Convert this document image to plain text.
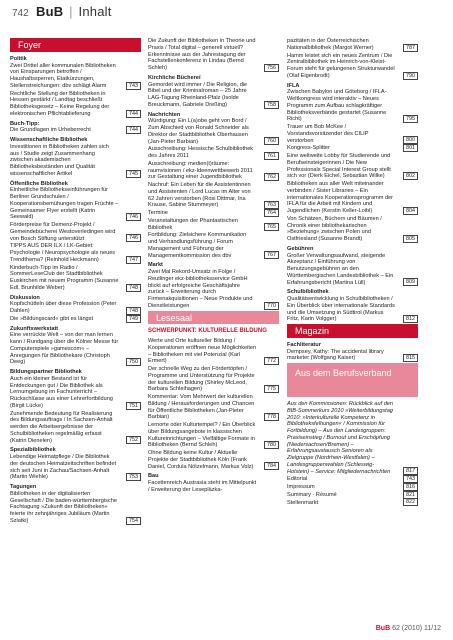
742 BuB | Inhalt
Foyer
Politik
Zwei Drittel aller kommunalen Bibliotheken von Einsparungen betroffen / Haushaltssperren, Etatkürzungen, Stellenstreichungen: dbv schlägt Alarm	743
Rechtliche Stellung der Bibliotheken in Hessen gestärkt / Landtag beschließt Bibliotheksgesetz – Keine Regelung der elektronischen Pflichtablieferung	744
Buch-Tipp:
Die Grundlagen im Urheberrecht	744
Wissenschaftliche Bibliothek
Investitionen in Bibliotheken zahlen sich aus / Studie zeigt Zusammenhang zwischen akademischen Bibliotheksbeständen und Qualität wissenschaftlicher Artikel	745
Öffentliche Bibliothek
Einheitliche Bibliothekseinführungen für Berliner Grundschulen / Kooperationsbemühungen tragen Früchte – Gemeinsamer Flyer erstellt (Katrin Seewald)	746
Förderpreise für Demenz-Projekt / Gemeindebücherei Westoverledingen wird von Bosch Stiftung unterstützt	746
TIPPS AUS DER ILX / LK-Gebiet: Psychologie / Neuropsychologie als neues Trendthema? (Reinhold Heckmann)	747
Kinderbuch-Tipp im Radio / SommerLeseClub der Stadtbibliothek Euskirchen mit neuem Programm (Susanne Edl, Brunhilde Weber)	748
Diskussion
Kopfschütteln über diese Profession (Peter Dahlen)	748
Die »Bildungscard« gibt es längst	749
Zukunftswerkstatt
Eine verrückte Welt – von der man lernen kann / Rundgang über die Kölner Messe für Computerspiele »gamescom« – Anregungen für Bibliothekare (Christoph Deeg)	750
Bildungspartner Bibliothek
Auch ein kleiner Bestand ist für Entdeckungen gut / Die Bibliothek als Lernumgebung im Fachunterricht – Rückschlüsse aus einer Lehrerfortbildung (Birgit Lücke)	751
Zunehmende Bedeutung für Realisierung des Bildungsauftrags / In Sachsen-Anhalt werden die Arbeitsergebnisse der Schulbibliotheken regelmäßig erfasst (Katrin Dienelen)	752
Spezialbibliothek
Lebendige Heimatpflege / Die Bibliothek der deutschen Heimatzeitschriften befindet sich seit Juni in Zachau/Sachsen-Anhalt (Martin Wiehle)	753
Tagungen
Bibliotheken in der digitalisierten Gesellschaft / Die baden-württembergische Fachtagung »Zukunft der Bibliotheken« feierte ihr zehnjähriges Jubiläum (Martin Szlatki)	754
Die Zukunft der Bibliotheken in Theorie und Praxis / Total digital – generell virtuell? Erkenntnisse aus der Jahrestagung der Fachstellenkonferenz in Lindau (Bernd Schleh)	756
Kirchliche Büchereí
Gemordet wird immer / Die Religion, die Bibel und der Kriminalroman – 25 Jahre LAG-Tagung Rheinland-Pfalz (Isolde Breuckmann, Gabriele Dreßing)	758
Nachrichten
Würdigung: Ein L(a)obe geht von Bord / Zum Abschied von Ronald Schneider als Direktor der Stadtbibliothek Oberhausen (Jan-Pieter Barbian)	760
Ausschreibung: Hessische Schulbibliothek des Jahres 2011	761
Ausschreibung: medien(t)räume: raumvisionen / ekz-Ideenwettbewerb 2011 zur Gestaltung einer Jugendbibliothek	762
Nachruf: Ein Leben für die Assistentinnen und Assistenten / Lord Lucas im Alter von 62 Jahren verstorben (Rosi Dittmar, Ina Krause, Sabine Stummeyer)	763
Termine	764
Veranstaltungen der Phantastischen Bibliothek	765
Fortbildung: Zielsichere Kommunikation und Verhandlungsführung / Forum Management und Führung der Managementkommission des dbv	767
Markt
Zwei Mal Rekord-Umsatz in Folge / Reutlinger ekz-bibliotheksservice GmbH blickt auf erfolgreiche Geschäftsjahre zurück – Erweiterung durch Firmenakquisitionen – Neue Produkte und Dienstleistungen	770
Lesesaal
SCHWERPUNKT: KULTURELLE BILDUNG
Werte und Orte kultureller Bildung / Kooperationen eröffnen neue Möglichkeiten – Bibliotheken mit viel Potenzial (Karl Ermert)	772
Der schnelle Weg zu den Fördertöpfen / Programme und Unterstützung für Projekte der kulturellen Bildung (Shirley McLeod, Barbara Schleihagen)	775
Kommentar: Vom Mehrwert der kulturellen Bildung / Herausforderungen und Chancen für Öffentliche Bibliotheken (Jan-Pieter Barbian)	778
Lernorte oder Kulturtempel? / Ein Überblick über Bildungsangebote in klassischen Kultureinrichtungen – Vielfältige Formate in Bibliotheken (Bernd Schleh)	780
Ohne Bildung keine Kultur / Aktuelle Projekte der Stadtbibliothek Köln (Frank Daniel, Cordula Nötzelmann, Markus Volz)	784
Bau
Facettenreich Austrasia steht im Mittelpunkt / Erweiterung der Lesepläzka-
pazitäten in der Österreichischen Nationalbibliothek (Margot Werner)	787
Hamm leistet sich ein neues Zentrum / Die Zentralbibliothek im Heinrich-von-Kleist-Forum steht für gelungenen Strukturwandel (Olaf Eigenbrodt)	790
IFLA
Zwischen Babylon und Göteborg / IFLA-Weltkongress wird interaktiv – Neues Programm zum Aufbau schlagkräftiger Bibliotheksverbände gestartet (Susanne Richt)	795
Trauer um Bob McKee / Vorstandsvorsitzender des CILIP verstorben	800
Kongress-Splitter	801
Eine weltweite Lobby für Studierende und Berufseinsteigerinnen / Die New Professionals Special Interest Group stellt sich vor (Dierk Eichel, Sebastian Wilke)	802
Bibliotheken aus aller Welt miteinander verbinden / Sister Libraries – Ein internationales Kooperationsprogramm der IFLA für die Arbeit mit Kindern und Jugendlichen (Kerstin Keller-Loibl)	804
Von Schätzen, Büchern und Bäumen / Chronik einer bibliothekarischen »Beziehung« zwischen Polen und Ostfriesland (Susanne Brandt)	805
Gebühren
Großer Verwaltungsaufwand, steigende Akzeptanz / Einführung von Benutzungsgebühren an den Württembergischen Landesbibliothek – Ein Erfahrungsbericht (Martina Lüll)	809
Schulbibliothek
Qualitätsentwicklung in Schulbibliotheken / Ein Überblick über internationale Standards und die Umsetzung in Südtirol (Markus Fritz, Karin Volgger)	812
Magazin
Fachliteratur
Dempsey, Kathy: The accidental library marketer (Wolfgang Kaiser)	815
Aus dem Berufsverband
Aus den Kommissionen: Rückblick auf den BIB-Sommerkurs 2010 »Weiterbildungstag 2010: »Interkulturelle Kompetenz in Bibliotheksfelhungen« / Kommission für Fortbildung) – Aus den Landesgruppen: Praxiseinstieg / Burnout und Erschöpfung (Niedersachsen/Bremen) – Erfahrungsaustausch Senioren als Zielgruppe (Nordrhein-Westfalen) – Landesgruppenwahlen (Schleswig-Holstein) – Service: Mitgliedernachrichten	817
Editorial	743
Impressum	816
Summary · Résumé	821
Stellenmarkt	822
BuB 62 (2010) 11/12
